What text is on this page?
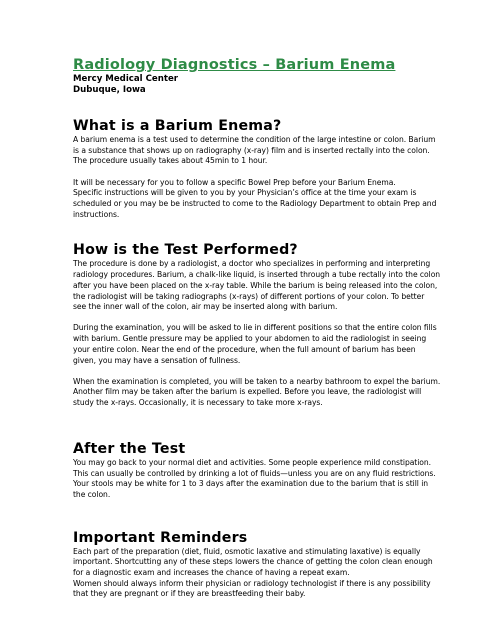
Radiology Diagnostics – Barium Enema

Mercy Medical Center

Dubuque, Iowa

What is a Barium Enema?

A barium enema is a test used to determine the condition of the large intestine or colon. Barium
is a substance that shows up on radiography (x-ray) film and is inserted rectally into the colon.
The procedure usually takes about 45min to 1 hour.

It will be necessary for you to follow a specific Bowel Prep before your Barium Enema.
Specific instructions will be given to you by your Physician’s office at the time your exam is
scheduled or you may be be instructed to come to the Radiology Department to obtain Prep and
instructions.

How is the Test Performed?

The procedure is done by a radiologist, a doctor who specializes in performing and interpreting
radiology procedures. Barium, a chalk-like liquid, is inserted through a tube rectally into the colon
after you have been placed on the x-ray table. While the barium is being released into the colon,
the radiologist will be taking radiographs (x-rays) of different portions of your colon. To better
see the inner wall of the colon, air may be inserted along with barium.

During the examination, you will be asked to lie in different positions so that the entire colon fills
with barium. Gentle pressure may be applied to your abdomen to aid the radiologist in seeing
your entire colon. Near the end of the procedure, when the full amount of barium has been
given, you may have a sensation of fullness.

When the examination is completed, you will be taken to a nearby bathroom to expel the barium.
Another film may be taken after the barium is expelled. Before you leave, the radiologist will
study the x-rays. Occasionally, it is necessary to take more x-rays.

After the Test

You may go back to your normal diet and activities. Some people experience mild constipation.
This can usually be controlled by drinking a lot of fluids—unless you are on any fluid restrictions.
Your stools may be white for 1 to 3 days after the examination due to the barium that is still in
the colon.

Important Reminders

Each part of the preparation (diet, fluid, osmotic laxative and stimulating laxative) is equally
important. Shortcutting any of these steps lowers the chance of getting the colon clean enough
for a diagnostic exam and increases the chance of having a repeat exam.
Women should always inform their physician or radiology technologist if there is any possibility
that they are pregnant or if they are breastfeeding their baby.
